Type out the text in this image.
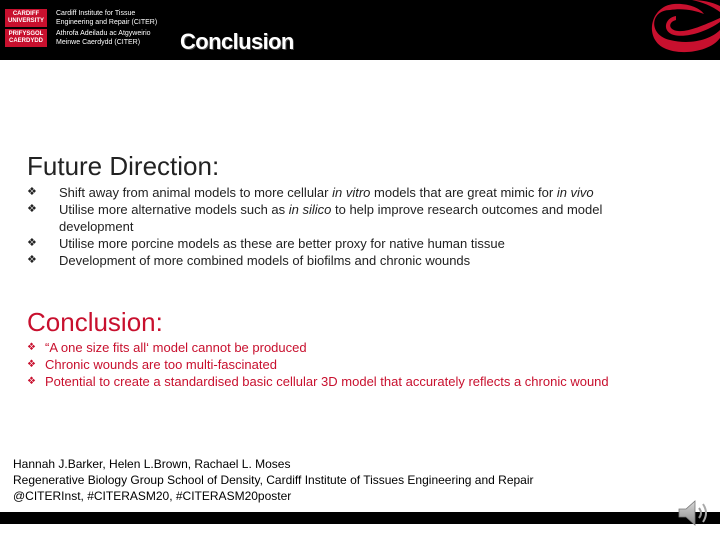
CARDIFF UNIVERSITY
PRIFYSGOL CAERDYDD
Cardiff Institute for Tissue
Engineering and Repair (CITER)
Athrofa Adeiladu ac Atgyweirio
Meinwe Caerdydd (CITER)	Conclusion
Future Direction:
❖ Shift away from animal models to more cellular in vitro models that are great mimic for in vivo
❖ Utilise more alternative models such as in silico to help improve research outcomes and model development
❖ Utilise more porcine models as these are better proxy for native human tissue
❖ Development of more combined models of biofilms and chronic wounds
Conclusion:
❖ “A one size fits all‘ model cannot be produced
❖ Chronic wounds are too multi-fascinated
❖ Potential to create a standardised basic cellular 3D model that accurately reflects a chronic wound
Hannah J.Barker, Helen L.Brown, Rachael L. Moses
Regenerative Biology Group School of Density, Cardiff Institute of Tissues Engineering and Repair
@CITERInst, #CITERASM20, #CITERASM20poster
